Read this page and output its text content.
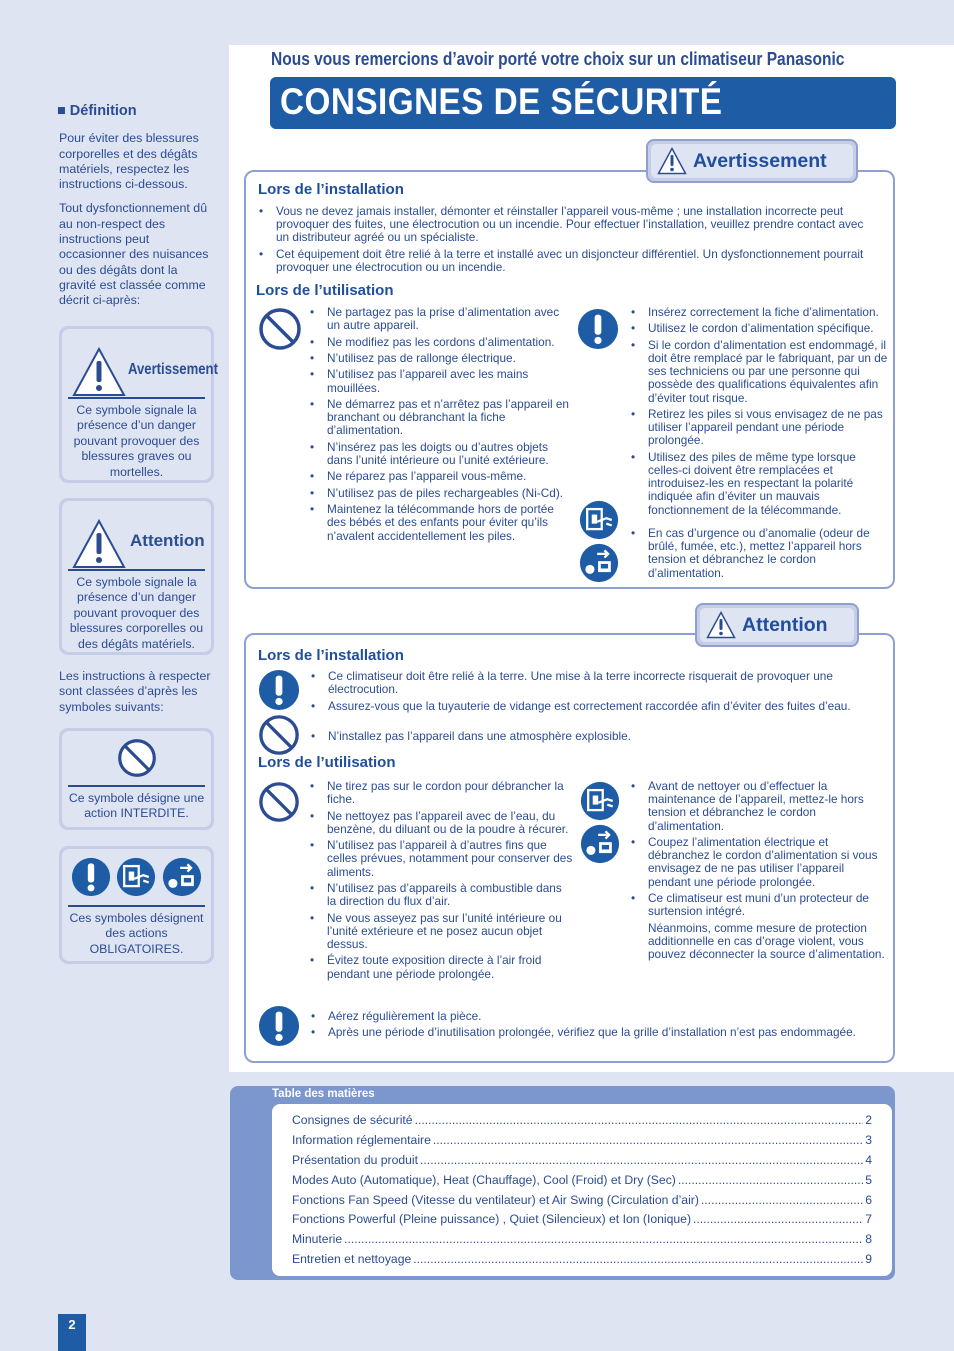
Nous vous remercions d’avoir porté votre choix sur un climatiseur Panasonic
CONSIGNES DE SÉCURITÉ
■ Définition
Pour éviter des blessures corporelles et des dégâts matériels, respectez les instructions ci-dessous.
Tout dysfonctionnement dû au non-respect des instructions peut occasionner des nuisances ou des dégâts dont la gravité est classée comme décrit ci-après:
Avertissement
Ce symbole signale la présence d’un danger pouvant provoquer des blessures graves ou mortelles.
Attention
Ce symbole signale la présence d’un danger pouvant provoquer des blessures corporelles ou des dégâts matériels.
Les instructions à respecter sont classées d’après les symboles suivants:
Ce symbole désigne une action INTERDITE.
Ces symboles désignent des actions OBLIGATOIRES.
Lors de l’installation
• Vous ne devez jamais installer, démonter et réinstaller l’appareil vous-même ; une installation incorrecte peut provoquer des fuites, une électrocution ou un incendie. Pour effectuer l’installation, veuillez prendre contact avec un distributeur agréé ou un spécialiste.
• Cet équipement doit être relié à la terre et installé avec un disjoncteur différentiel. Un dysfonctionnement pourrait provoquer une électrocution ou un incendie.
Lors de l’utilisation
• Ne partagez pas la prise d’alimentation avec un autre appareil.
• Ne modifiez pas les cordons d’alimentation.
• N’utilisez pas de rallonge électrique.
• N’utilisez pas l’appareil avec les mains mouillées.
• Ne démarrez pas et n’arrêtez pas l’appareil en branchant ou débranchant la fiche d’alimentation.
• N’insérez pas les doigts ou d’autres objets dans l’unité intérieure ou l’unité extérieure.
• Ne réparez pas l’appareil vous-même.
• N’utilisez pas de piles rechargeables (Ni-Cd).
• Maintenez la télécommande hors de portée des bébés et des enfants pour éviter qu’ils n’avalent accidentellement les piles.
• Insérez correctement la fiche d’alimentation.
• Utilisez le cordon d’alimentation spécifique.
• Si le cordon d’alimentation est endommagé, il doit être remplacé par le fabriquant, par un de ses techniciens ou par une personne qui possède des qualifications équivalentes afin d’éviter tout risque.
• Retirez les piles si vous envisagez de ne pas utiliser l’appareil pendant une période prolongée.
• Utilisez des piles de même type lorsque celles-ci doivent être remplacées et introduisez-les en respectant la polarité indiquée afin d’éviter un mauvais fonctionnement de la télécommande.
• En cas d’urgence ou d’anomalie (odeur de brûlé, fumée, etc.), mettez l’appareil hors tension et débranchez le cordon d’alimentation.
Avertissement
Lors de l’installation
• Ce climatiseur doit être relié à la terre. Une mise à la terre incorrecte risquerait de provoquer une électrocution.
• Assurez-vous que la tuyauterie de vidange est correctement raccordée afin d’éviter des fuites d’eau.
• N’installez pas l’appareil dans une atmosphère explosible.
Lors de l’utilisation
• Ne tirez pas sur le cordon pour débrancher la fiche.
• Ne nettoyez pas l’appareil avec de l’eau, du benzène, du diluant ou de la poudre à récurer.
• N’utilisez pas l’appareil à d’autres fins que celles prévues, notamment pour conserver des aliments.
• N’utilisez pas d’appareils à combustible dans la direction du flux d’air.
• Ne vous asseyez pas sur l’unité intérieure ou l’unité extérieure et ne posez aucun objet dessus.
• Évitez toute exposition directe à l’air froid pendant une période prolongée.
• Avant de nettoyer ou d’effectuer la maintenance de l’appareil, mettez-le hors tension et débranchez le cordon d’alimentation.
• Coupez l’alimentation électrique et débranchez le cordon d’alimentation si vous envisagez de ne pas utiliser l’appareil pendant une période prolongée.
• Ce climatiseur est muni d’un protecteur de surtension intégré.
Néanmoins, comme mesure de protection additionnelle en cas d’orage violent, vous pouvez déconnecter la source d’alimentation.
• Aérez régulièrement la pièce.
• Après une période d’inutilisation prolongée, vérifiez que la grille d’installation n’est pas endommagée.
Attention
Table des matières
Consignes de sécurité .....	2
Information réglementaire .....	3
Présentation du produit .....	4
Modes Auto (Automatique), Heat (Chauffage), Cool (Froid) et Dry (Sec) .....	5
Fonctions Fan Speed (Vitesse du ventilateur) et Air Swing (Circulation d’air) .....	6
Fonctions Powerful (Pleine puissance) , Quiet (Silencieux) et Ion (Ionique) .....	7
Minuterie .....	8
Entretien et nettoyage .....	9
2
